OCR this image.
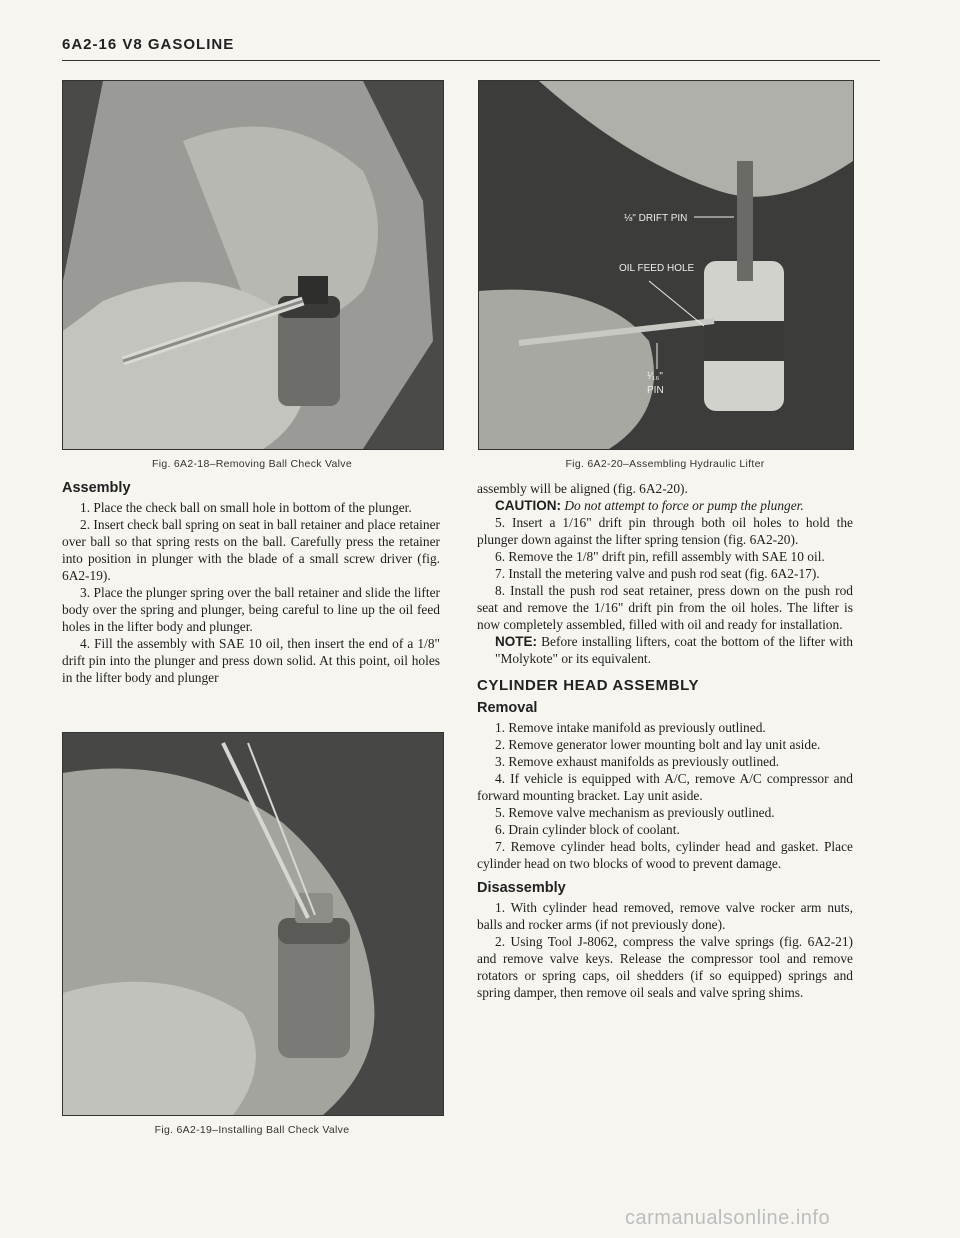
6A2-16 V8 GASOLINE
Fig. 6A2-18–Removing Ball Check Valve
⅛" DRIFT PIN
OIL FEED HOLE
¹⁄₁₆"
PIN
Fig. 6A2-20–Assembling Hydraulic Lifter
Assembly

1. Place the check ball on small hole in bottom of the plunger.

2. Insert check ball spring on seat in ball retainer and place retainer over ball so that spring rests on the ball. Carefully press the retainer into position in plunger with the blade of a small screw driver (fig. 6A2-19).

3. Place the plunger spring over the ball retainer and slide the lifter body over the spring and plunger, being careful to line up the oil feed holes in the lifter body and plunger.

4. Fill the assembly with SAE 10 oil, then insert the end of a 1/8" drift pin into the plunger and press down solid. At this point, oil holes in the lifter body and plunger

Fig. 6A2-19–Installing Ball Check Valve

assembly will be aligned (fig. 6A2-20).

CAUTION: Do not attempt to force or pump the plunger.

5. Insert a 1/16" drift pin through both oil holes to hold the plunger down against the lifter spring tension (fig. 6A2-20).

6. Remove the 1/8" drift pin, refill assembly with SAE 10 oil.

7. Install the metering valve and push rod seat (fig. 6A2-17).

8. Install the push rod seat retainer, press down on the push rod seat and remove the 1/16" drift pin from the oil holes. The lifter is now completely assembled, filled with oil and ready for installation.

NOTE: Before installing lifters, coat the bottom of the lifter with "Molykote" or its equivalent.

CYLINDER HEAD ASSEMBLY
Removal

1. Remove intake manifold as previously outlined.

2. Remove generator lower mounting bolt and lay unit aside.

3. Remove exhaust manifolds as previously outlined.

4. If vehicle is equipped with A/C, remove A/C compressor and forward mounting bracket. Lay unit aside.

5. Remove valve mechanism as previously outlined.

6. Drain cylinder block of coolant.

7. Remove cylinder head bolts, cylinder head and gasket. Place cylinder head on two blocks of wood to prevent damage.

Disassembly

1. With cylinder head removed, remove valve rocker arm nuts, balls and rocker arms (if not previously done).

2. Using Tool J-8062, compress the valve springs (fig. 6A2-21) and remove valve keys. Release the compressor tool and remove rotators or spring caps, oil shedders (if so equipped) springs and spring damper, then remove oil seals and valve spring shims.

carmanualsonline.info
